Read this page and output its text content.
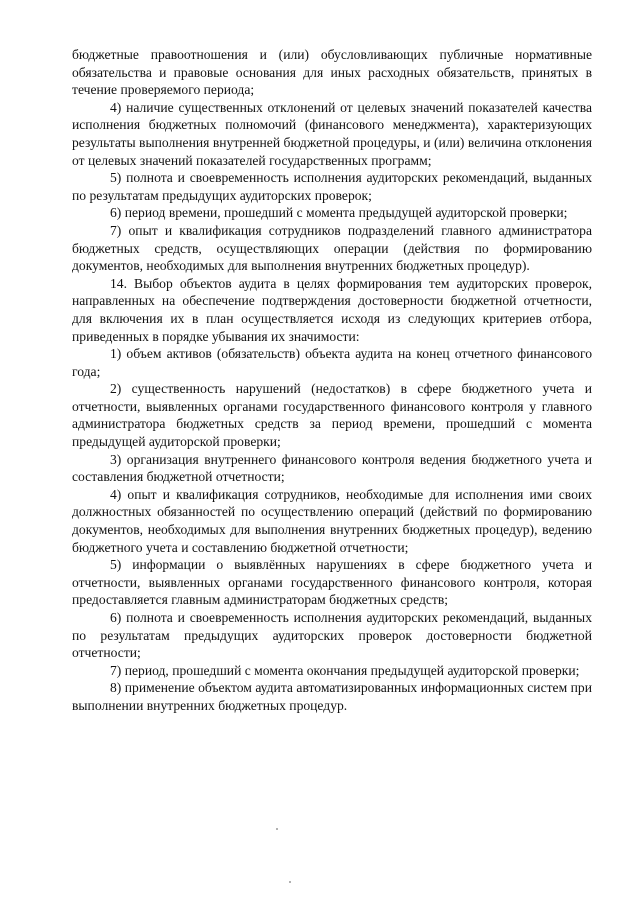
бюджетные правоотношения и (или) обусловливающих публичные нормативные обязательства и правовые основания для иных расходных обязательств, принятых в течение проверяемого периода;

4) наличие существенных отклонений от целевых значений показателей качества исполнения бюджетных полномочий (финансового менеджмента), характеризующих результаты выполнения внутренней бюджетной процедуры, и (или) величина отклонения от целевых значений показателей государственных программ;

5) полнота и своевременность исполнения аудиторских рекомендаций, выданных по результатам предыдущих аудиторских проверок;

6) период времени, прошедший с момента предыдущей аудиторской проверки;

7) опыт и квалификация сотрудников подразделений главного администратора бюджетных средств, осуществляющих операции (действия по формированию документов, необходимых для выполнения внутренних бюджетных процедур).

14. Выбор объектов аудита в целях формирования тем аудиторских проверок, направленных на обеспечение подтверждения достоверности бюджетной отчетности, для включения их в план осуществляется исходя из следующих критериев отбора, приведенных в порядке убывания их значимости:

1) объем активов (обязательств) объекта аудита на конец отчетного финансового года;

2) существенность нарушений (недостатков) в сфере бюджетного учета и отчетности, выявленных органами государственного финансового контроля у главного администратора бюджетных средств за период времени, прошедший с момента предыдущей аудиторской проверки;

3) организация внутреннего финансового контроля ведения бюджетного учета и составления бюджетной отчетности;

4) опыт и квалификация сотрудников, необходимые для исполнения ими своих должностных обязанностей по осуществлению операций (действий по формированию документов, необходимых для выполнения внутренних бюджетных процедур), ведению бюджетного учета и составлению бюджетной отчетности;

5) информации о выявлённых нарушениях в сфере бюджетного учета и отчетности, выявленных органами государственного финансового контроля, которая предоставляется главным администраторам бюджетных средств;

6) полнота и своевременность исполнения аудиторских рекомендаций, выданных по результатам предыдущих аудиторских проверок достоверности бюджетной отчетности;

7) период, прошедший с момента окончания предыдущей аудиторской проверки;

8) применение объектом аудита автоматизированных информационных систем при выполнении внутренних бюджетных процедур.
